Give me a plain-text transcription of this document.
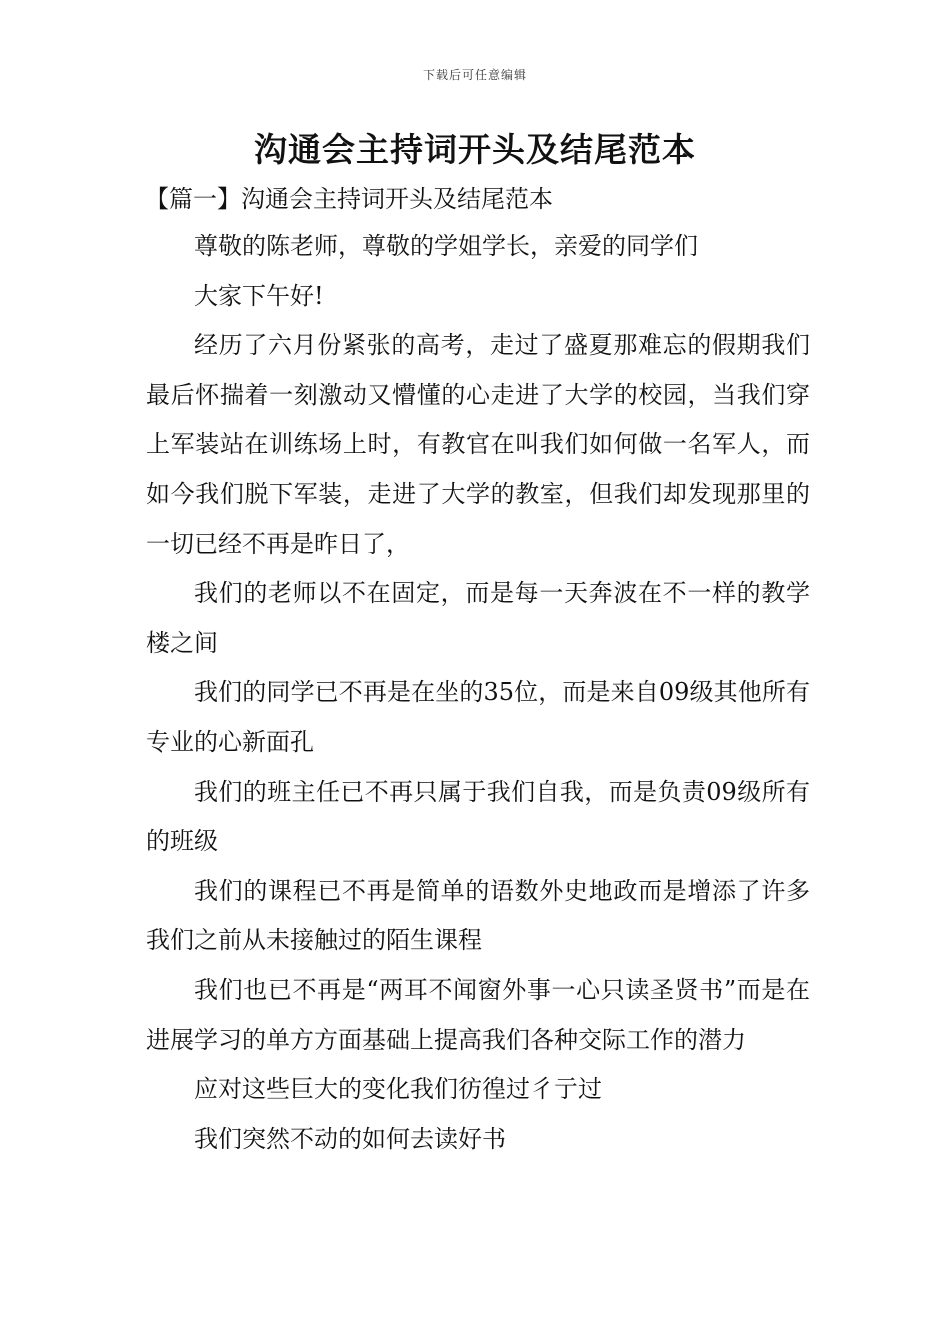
下载后可任意编辑
沟通会主持词开头及结尾范本

【篇一】沟通会主持词开头及结尾范本

尊敬的陈老师，尊敬的学姐学长，亲爱的同学们

大家下午好!

经历了六月份紧张的高考，走过了盛夏那难忘的假期我们最后怀揣着一刻激动又懵懂的心走进了大学的校园，当我们穿上军装站在训练场上时，有教官在叫我们如何做一名军人，而如今我们脱下军装，走进了大学的教室，但我们却发现那里的一切已经不再是昨日了，

我们的老师以不在固定，而是每一天奔波在不一样的教学楼之间

我们的同学已不再是在坐的35位，而是来自09级其他所有专业的心新面孔

我们的班主任已不再只属于我们自我，而是负责09级所有的班级

我们的课程已不再是简单的语数外史地政而是增添了许多我们之前从未接触过的陌生课程

我们也已不再是“两耳不闻窗外事一心只读圣贤书”而是在进展学习的单方方面基础上提高我们各种交际工作的潜力

应对这些巨大的变化我们彷徨过彳亍过

我们突然不动的如何去读好书
